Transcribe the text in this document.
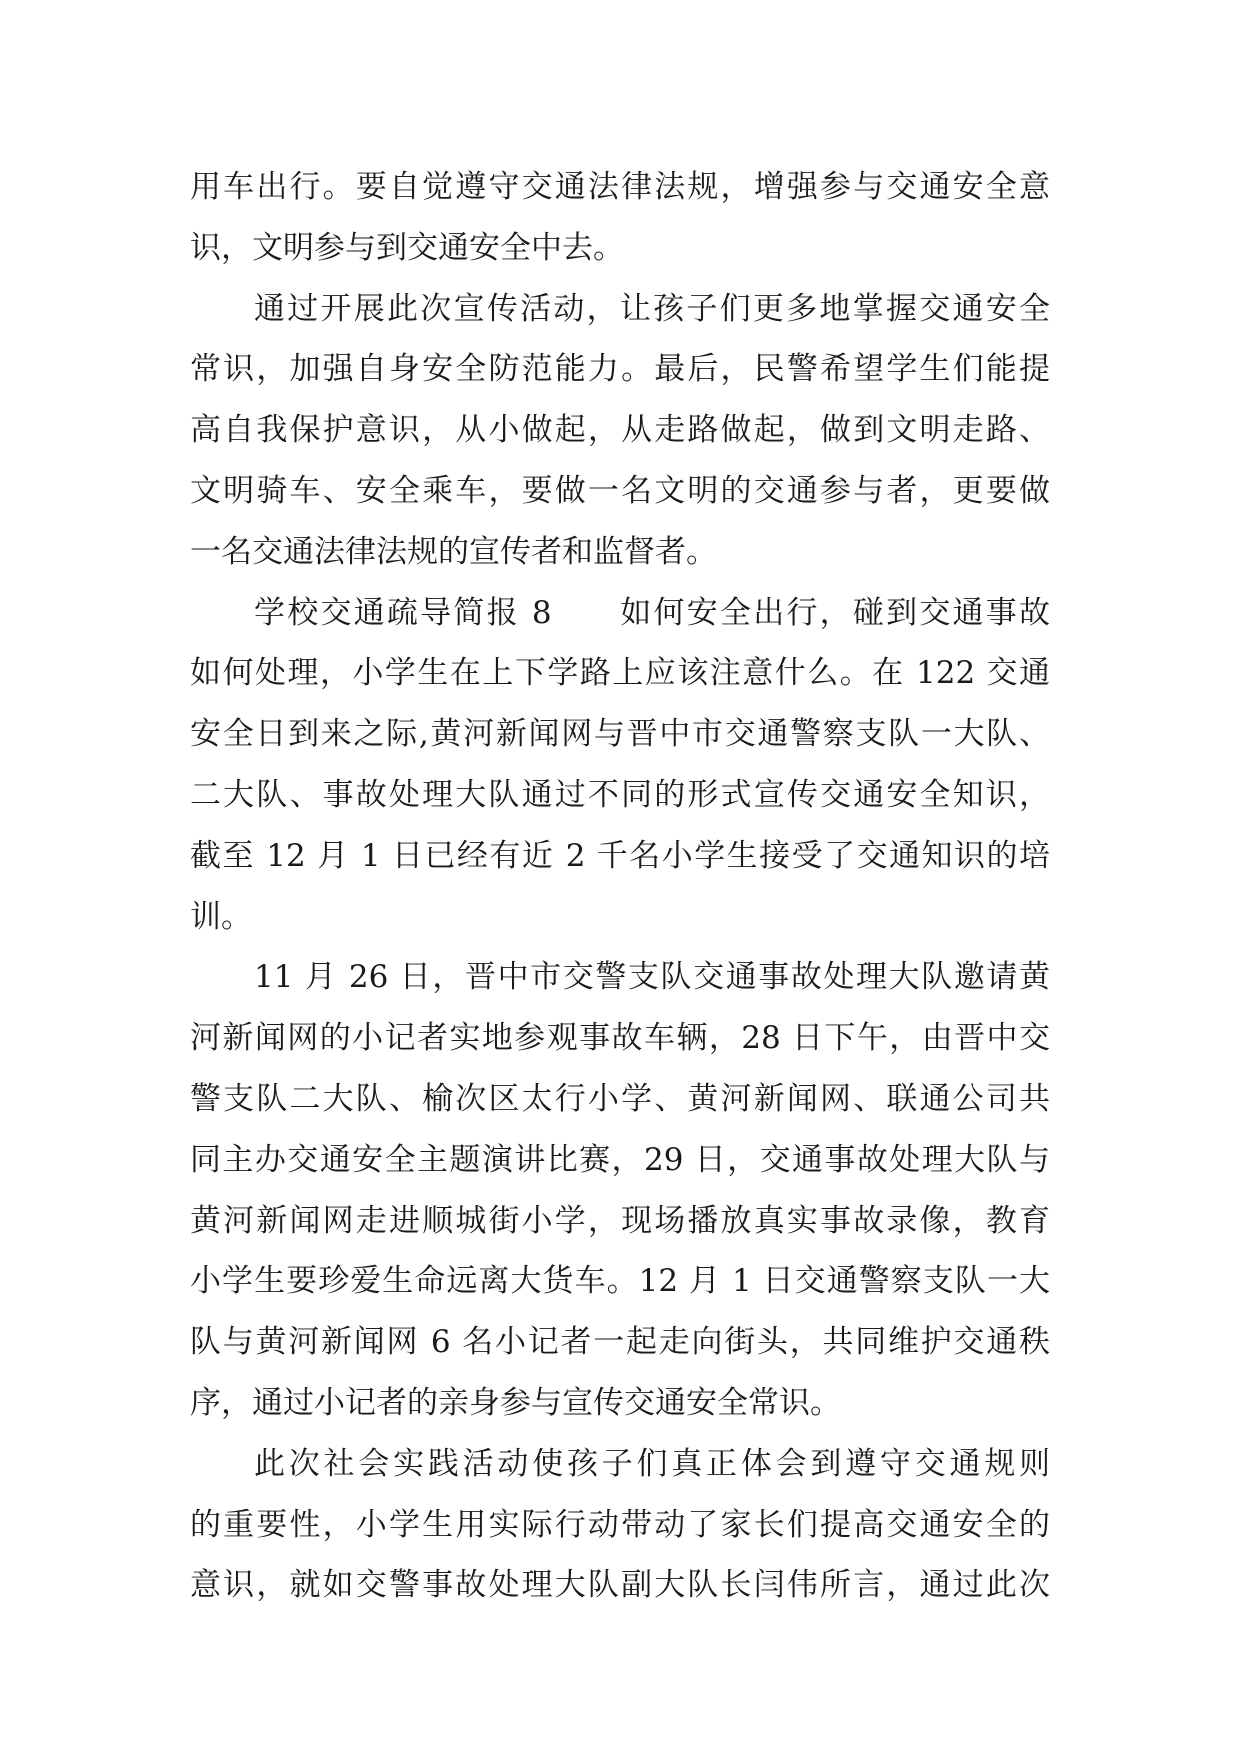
用车出行。要自觉遵守交通法律法规，增强参与交通安全意
识，文明参与到交通安全中去。
通过开展此次宣传活动，让孩子们更多地掌握交通安全
常识，加强自身安全防范能力。最后，民警希望学生们能提
高自我保护意识，从小做起，从走路做起，做到文明走路、
文明骑车、安全乘车，要做一名文明的交通参与者，更要做
一名交通法律法规的宣传者和监督者。
学校交通疏导简报 8　　如何安全出行，碰到交通事故
如何处理，小学生在上下学路上应该注意什么。在 122 交通
安全日到来之际,黄河新闻网与晋中市交通警察支队一大队、
二大队、事故处理大队通过不同的形式宣传交通安全知识，
截至 12 月 1 日已经有近 2 千名小学生接受了交通知识的培
训。
11 月 26 日，晋中市交警支队交通事故处理大队邀请黄
河新闻网的小记者实地参观事故车辆，28 日下午，由晋中交
警支队二大队、榆次区太行小学、黄河新闻网、联通公司共
同主办交通安全主题演讲比赛，29 日，交通事故处理大队与
黄河新闻网走进顺城街小学，现场播放真实事故录像，教育
小学生要珍爱生命远离大货车。12 月 1 日交通警察支队一大
队与黄河新闻网 6 名小记者一起走向街头，共同维护交通秩
序，通过小记者的亲身参与宣传交通安全常识。
此次社会实践活动使孩子们真正体会到遵守交通规则
的重要性，小学生用实际行动带动了家长们提高交通安全的
意识，就如交警事故处理大队副大队长闫伟所言，通过此次
